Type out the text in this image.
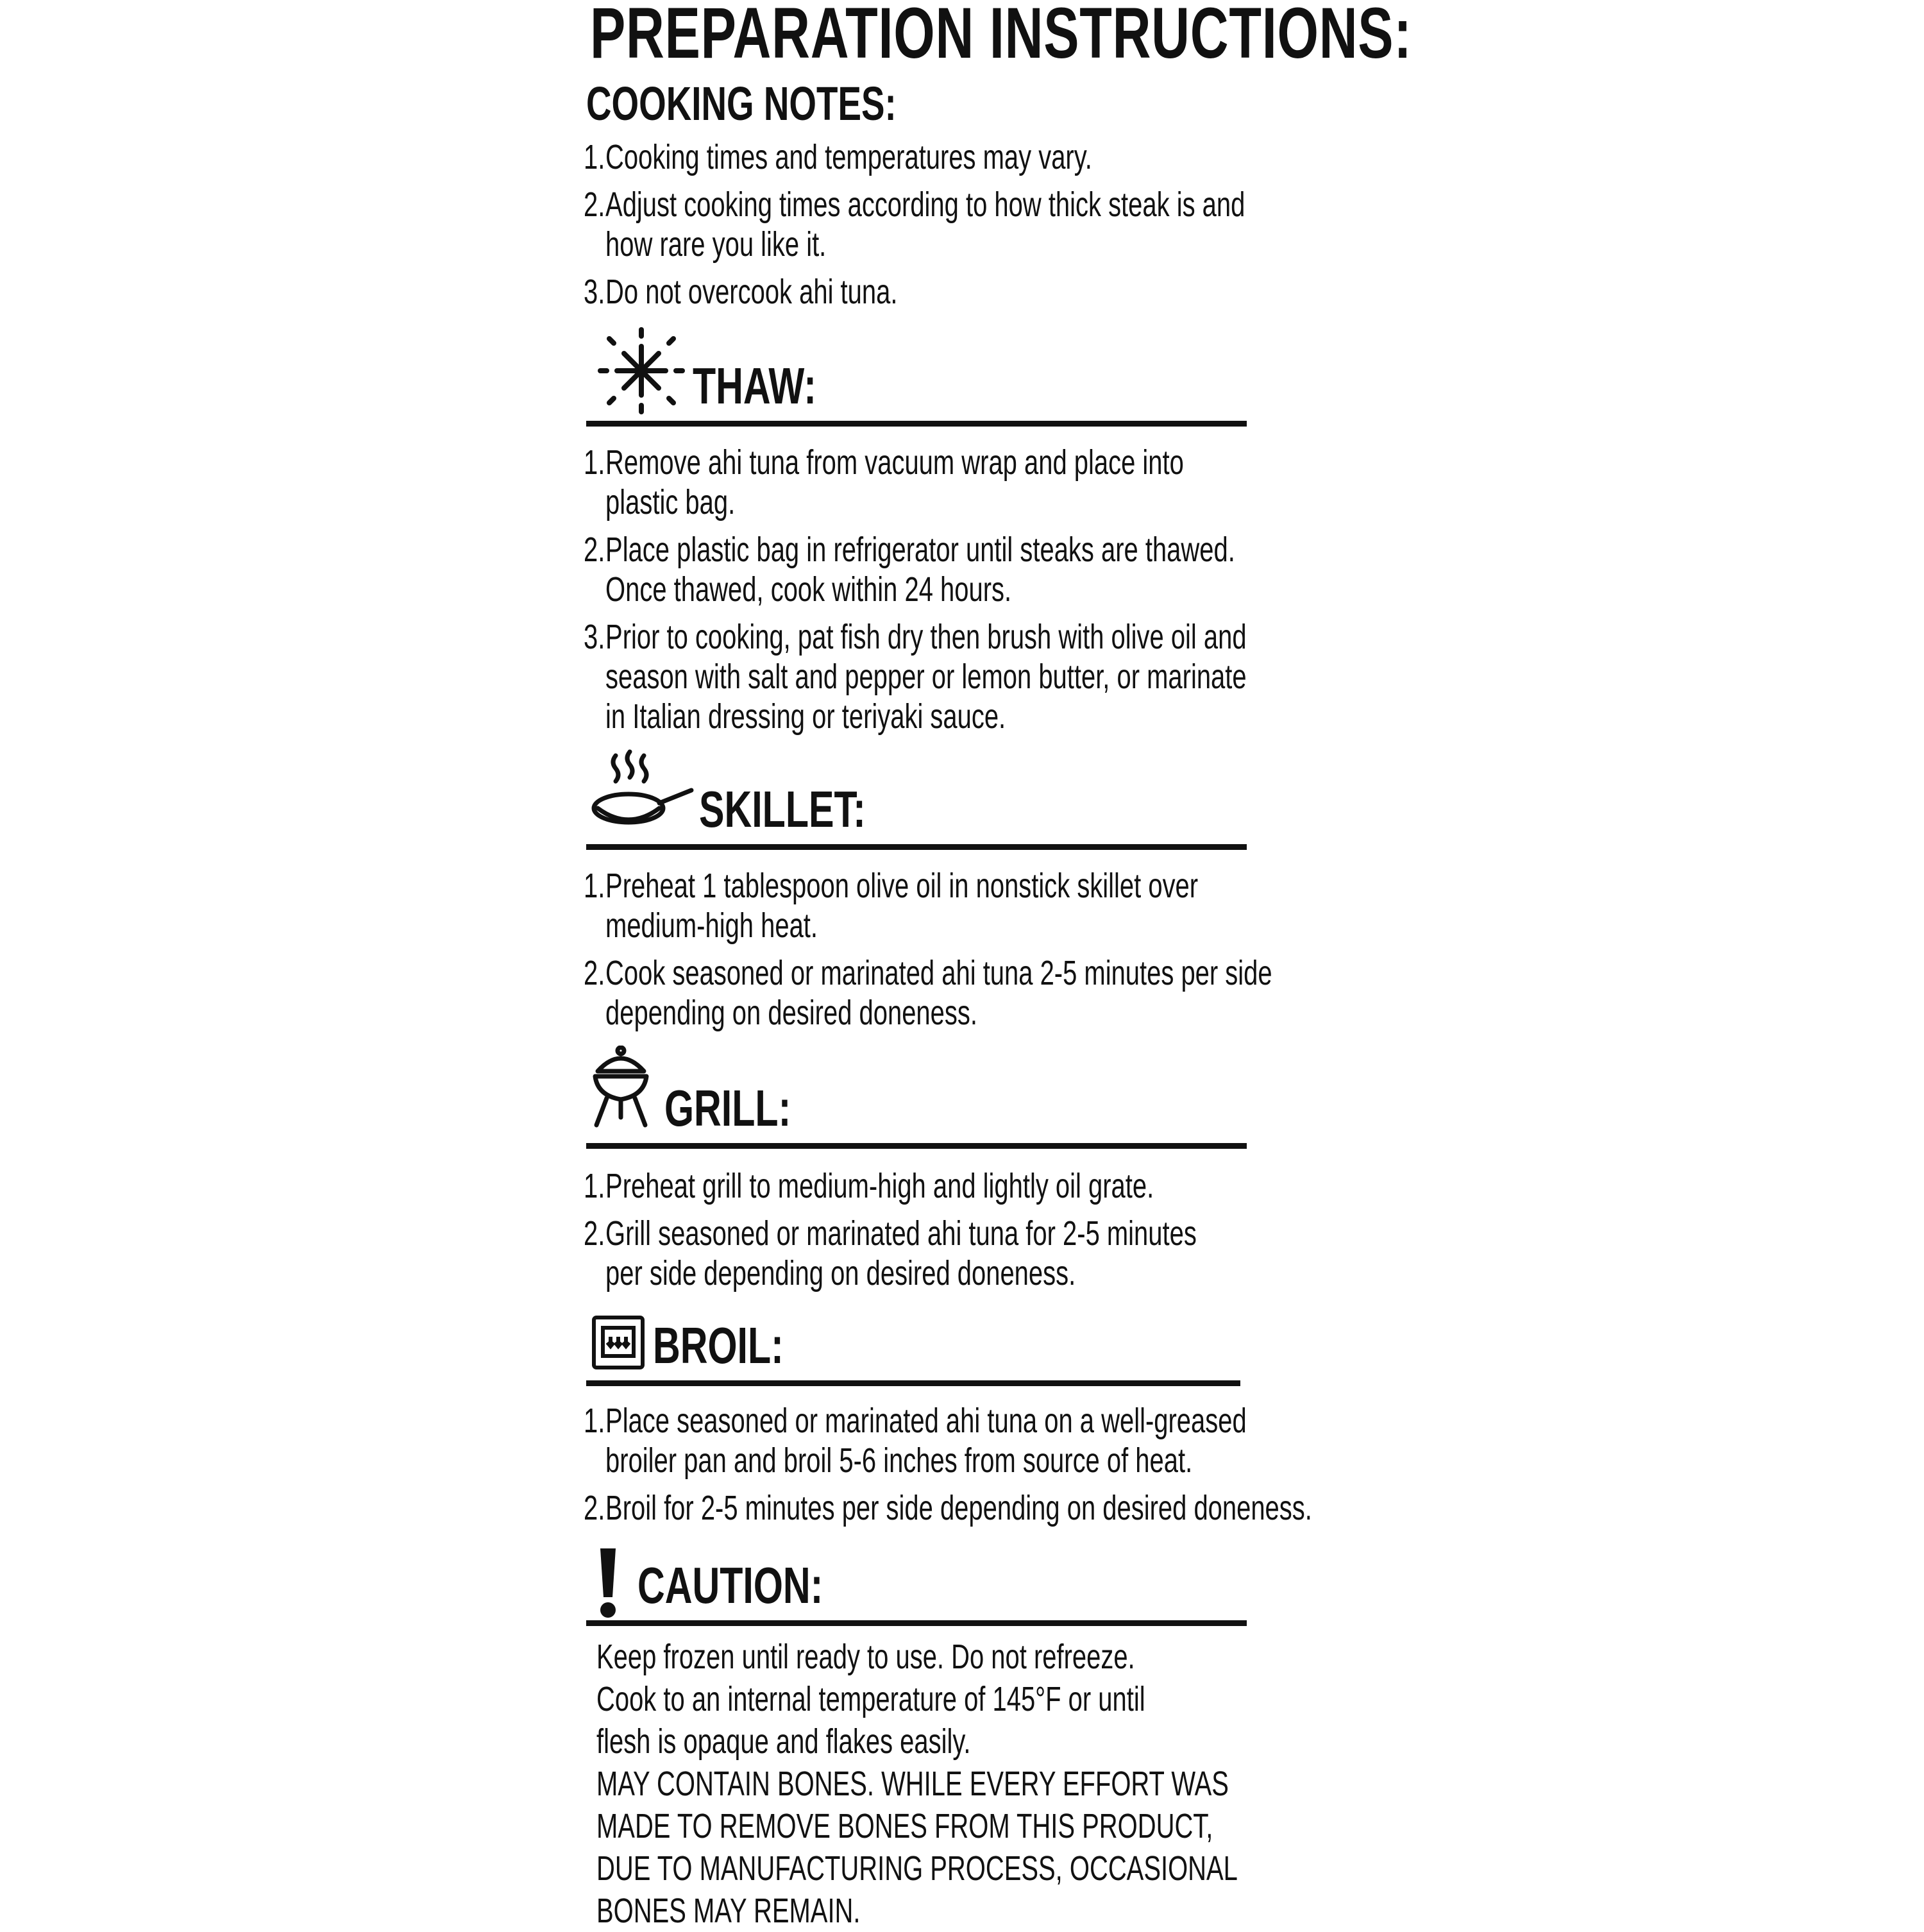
PREPARATION INSTRUCTIONS:
COOKING NOTES:
1. Cooking times and temperatures may vary.
2. Adjust cooking times according to how thick steak is and
how rare you like it.
3. Do not overcook ahi tuna.
THAW:
1. Remove ahi tuna from vacuum wrap and place into
plastic bag.
2. Place plastic bag in refrigerator until steaks are thawed.
Once thawed, cook within 24 hours.
3. Prior to cooking, pat fish dry then brush with olive oil and
season with salt and pepper or lemon butter, or marinate
in Italian dressing or teriyaki sauce.
SKILLET:
1. Preheat 1 tablespoon olive oil in nonstick skillet over
medium-high heat.
2. Cook seasoned or marinated ahi tuna 2-5 minutes per side
depending on desired doneness.
GRILL:
1. Preheat grill to medium-high and lightly oil grate.
2. Grill seasoned or marinated ahi tuna for 2-5 minutes
per side depending on desired doneness.
BROIL:
1. Place seasoned or marinated ahi tuna on a well-greased
broiler pan and broil 5-6 inches from source of heat.
2. Broil for 2-5 minutes per side depending on desired doneness.
CAUTION:
Keep frozen until ready to use. Do not refreeze.
Cook to an internal temperature of 145°F or until
flesh is opaque and flakes easily.
MAY CONTAIN BONES. WHILE EVERY EFFORT WAS
MADE TO REMOVE BONES FROM THIS PRODUCT,
DUE TO MANUFACTURING PROCESS, OCCASIONAL
BONES MAY REMAIN.
